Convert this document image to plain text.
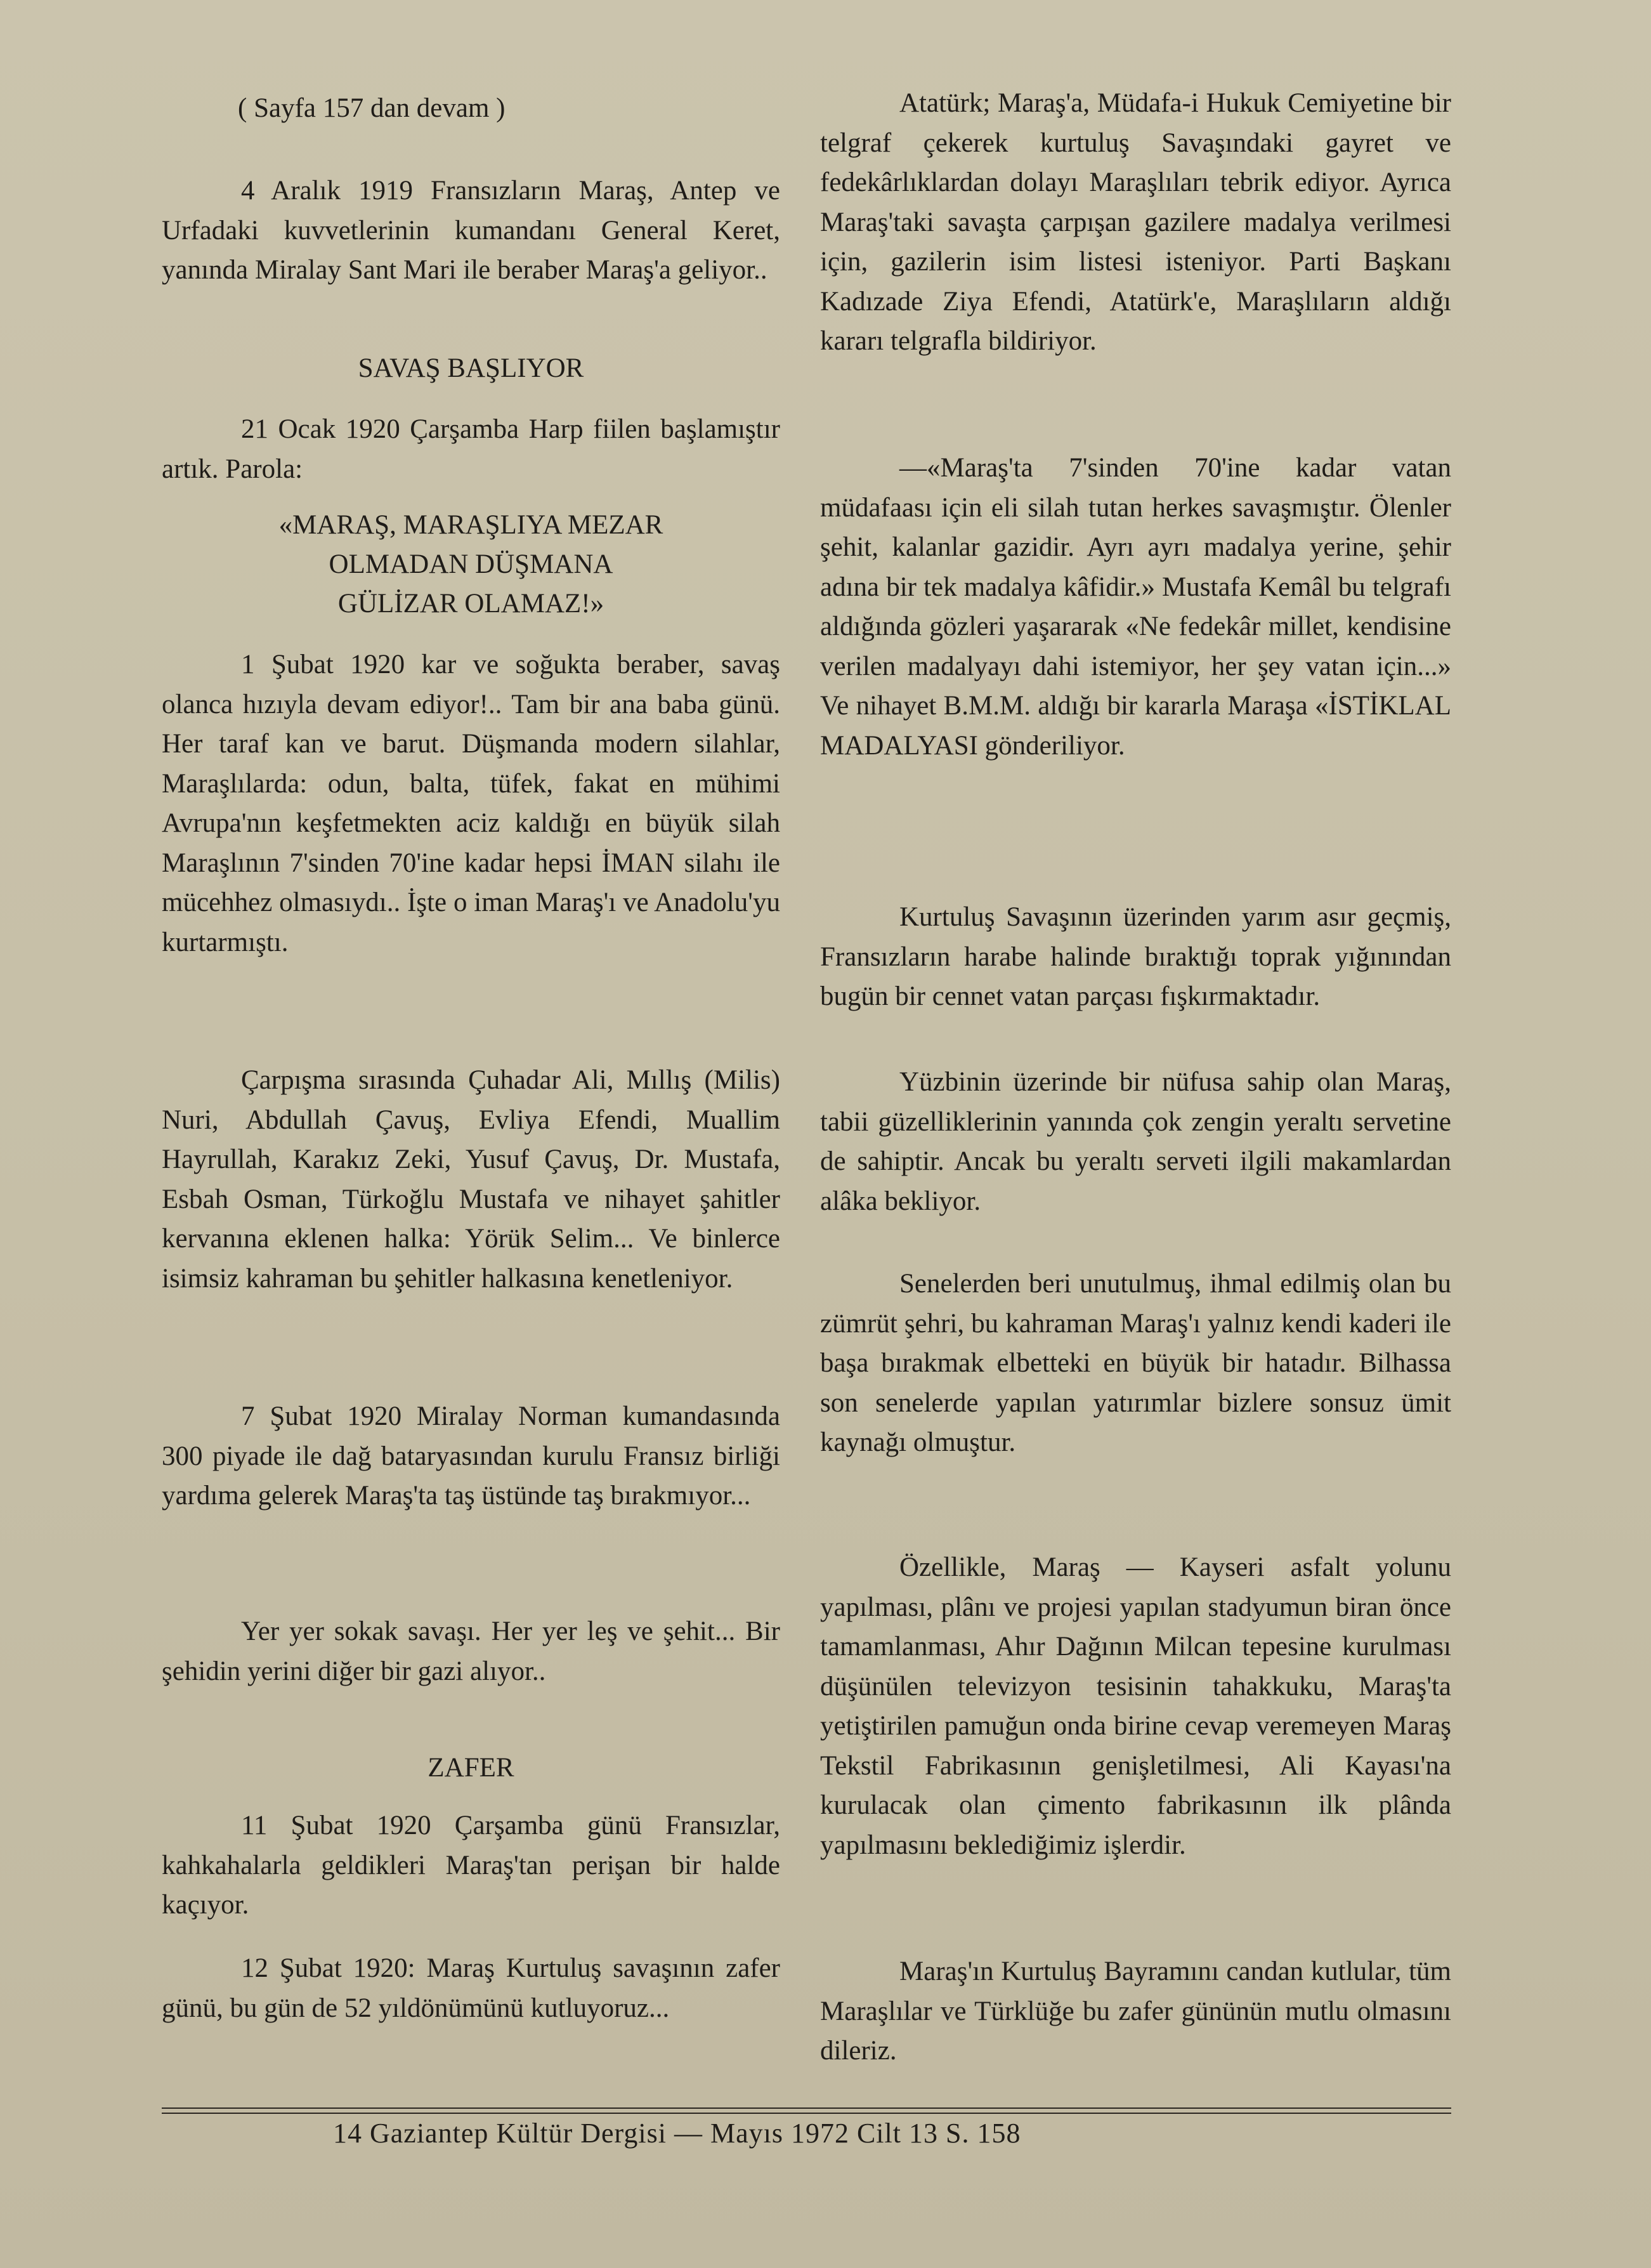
( Sayfa 157 dan devam )

4 Aralık 1919 Fransızların Maraş, Antep ve Urfadaki kuvvetlerinin kumandanı General Keret, yanında Miralay Sant Mari ile beraber Maraş'a geliyor..

SAVAŞ BAŞLIYOR

21 Ocak 1920 Çarşamba Harp fiilen başlamıştır artık. Parola:

«MARAŞ, MARAŞLIYA MEZAR

OLMADAN DÜŞMANA

GÜLİZAR OLAMAZ!»

1 Şubat 1920 kar ve soğukta beraber, savaş olanca hızıyla devam ediyor!.. Tam bir ana baba günü. Her taraf kan ve barut. Düşmanda modern silahlar, Maraşlılarda: odun, balta, tüfek, fakat en mühimi Avrupa'nın keşfetmekten aciz kaldığı en büyük silah Maraşlının 7'sinden 70'ine kadar hepsi İMAN silahı ile mücehhez olmasıydı.. İşte o iman Maraş'ı ve Anadolu'yu kurtarmıştı.

Çarpışma sırasında Çuhadar Ali, Mıllış (Milis) Nuri, Abdullah Çavuş, Evliya Efendi, Muallim Hayrullah, Karakız Zeki, Yusuf Çavuş, Dr. Mustafa, Esbah Osman, Türkoğlu Mustafa ve nihayet şahitler kervanına eklenen halka: Yörük Selim... Ve binlerce isimsiz kahraman bu şehitler halkasına kenetleniyor.

7 Şubat 1920 Miralay Norman kumandasında 300 piyade ile dağ bataryasından kurulu Fransız birliği yardıma gelerek Maraş'ta taş üstünde taş bırakmıyor...

Yer yer sokak savaşı. Her yer leş ve şehit... Bir şehidin yerini diğer bir gazi alıyor..

ZAFER

11 Şubat 1920 Çarşamba günü Fransızlar, kahkahalarla geldikleri Maraş'tan perişan bir halde kaçıyor.

12 Şubat 1920: Maraş Kurtuluş savaşının zafer günü, bu gün de 52 yıldönümünü kutluyoruz...

Atatürk; Maraş'a, Müdafa-i Hukuk Cemiyetine bir telgraf çekerek kurtuluş Savaşındaki gayret ve fedekârlıklardan dolayı Maraşlıları tebrik ediyor. Ayrıca Maraş'taki savaşta çarpışan gazilere madalya verilmesi için, gazilerin isim listesi isteniyor. Parti Başkanı Kadızade Ziya Efendi, Atatürk'e, Maraşlıların aldığı kararı telgrafla bildiriyor.

—«Maraş'ta 7'sinden 70'ine kadar vatan müdafaası için eli silah tutan herkes savaşmıştır. Ölenler şehit, kalanlar gazidir. Ayrı ayrı madalya yerine, şehir adına bir tek madalya kâfidir.» Mustafa Kemâl bu telgrafı aldığında gözleri yaşararak «Ne fedekâr millet, kendisine verilen madalyayı dahi istemiyor, her şey vatan için...» Ve nihayet B.M.M. aldığı bir kararla Maraşa «İSTİKLAL MADALYASI gönderiliyor.

Kurtuluş Savaşının üzerinden yarım asır geçmiş, Fransızların harabe halinde bıraktığı toprak yığınından bugün bir cennet vatan parçası fışkırmaktadır.

Yüzbinin üzerinde bir nüfusa sahip olan Maraş, tabii güzelliklerinin yanında çok zengin yeraltı servetine de sahiptir. Ancak bu yeraltı serveti ilgili makamlardan alâka bekliyor.

Senelerden beri unutulmuş, ihmal edilmiş olan bu zümrüt şehri, bu kahraman Maraş'ı yalnız kendi kaderi ile başa bırakmak elbetteki en büyük bir hatadır. Bilhassa son senelerde yapılan yatırımlar bizlere sonsuz ümit kaynağı olmuştur.

Özellikle, Maraş — Kayseri asfalt yolunu yapılması, plânı ve projesi yapılan stadyumun biran önce tamamlanması, Ahır Dağının Milcan tepesine kurulması düşünülen televizyon tesisinin tahakkuku, Maraş'ta yetiştirilen pamuğun onda birine cevap veremeyen Maraş Tekstil Fabrikasının genişletilmesi, Ali Kayası'na kurulacak olan çimento fabrikasının ilk plânda yapılmasını beklediğimiz işlerdir.

Maraş'ın Kurtuluş Bayramını candan kutlular, tüm Maraşlılar ve Türklüğe bu zafer gününün mutlu olmasını dileriz.

14 Gaziantep Kültür Dergisi — Mayıs 1972 Cilt 13 S. 158
